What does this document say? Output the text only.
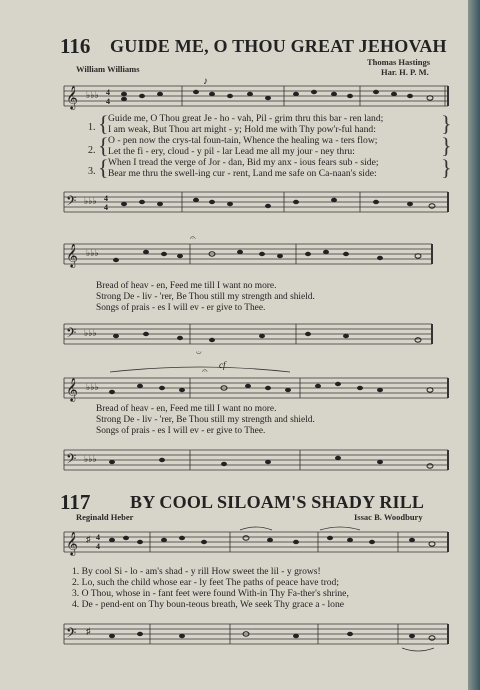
116 GUIDE ME, O THOU GREAT JEHOVAH
William Williams
Thomas Hastings
Har. H. P. M.
𝄞 ♭♭♭ 4
4
♪
1.
2.
3.
{
{
{
}
}
}
Guide me, O Thou great Je - ho - vah, Pil - grim thru this bar - ren land;
I am weak, But Thou art might - y; Hold me with Thy pow'r-ful hand:
O - pen now the crys-tal foun-tain, Whence the healing wa - ters flow;
Let the fi - ery, cloud - y pil - lar Lead me all my jour - ney thru:
When I tread the verge of Jor - dan, Bid my anx - ious fears sub - side;
Bear me thru the swell-ing cur - rent, Land me safe on Ca-naan's side:
𝄢 ♭♭♭ 4
4
𝄞 ♭♭♭
𝄐
Bread of heav - en, Feed me till I want no more.
Strong De - liv - 'rer, Be Thou still my strength and shield.
Songs of prais - es I will ev - er give to Thee.
𝄢 ♭♭♭
𝄑
𝄞 ♭♭♭
𝄐
cf
Bread of heav - en, Feed me till I want no more.
Strong De - liv - 'rer, Be Thou still my strength and shield.
Songs of prais - es I will ev - er give to Thee.
𝄢 ♭♭♭
117 BY COOL SILOAM'S SHADY RILL
Reginald Heber	Issac B. Woodbury
𝄞 ♯ 4
4
1. By cool Si - lo - am's shad - y rill How sweet the lil - y grows!
2. Lo, such the child whose ear - ly feet The paths of peace have trod;
3. O Thou, whose in - fant feet were found With-in Thy Fa-ther's shrine,
4. De - pend-ent on Thy boun-teous breath, We seek Thy grace a - lone
𝄢 ♯
